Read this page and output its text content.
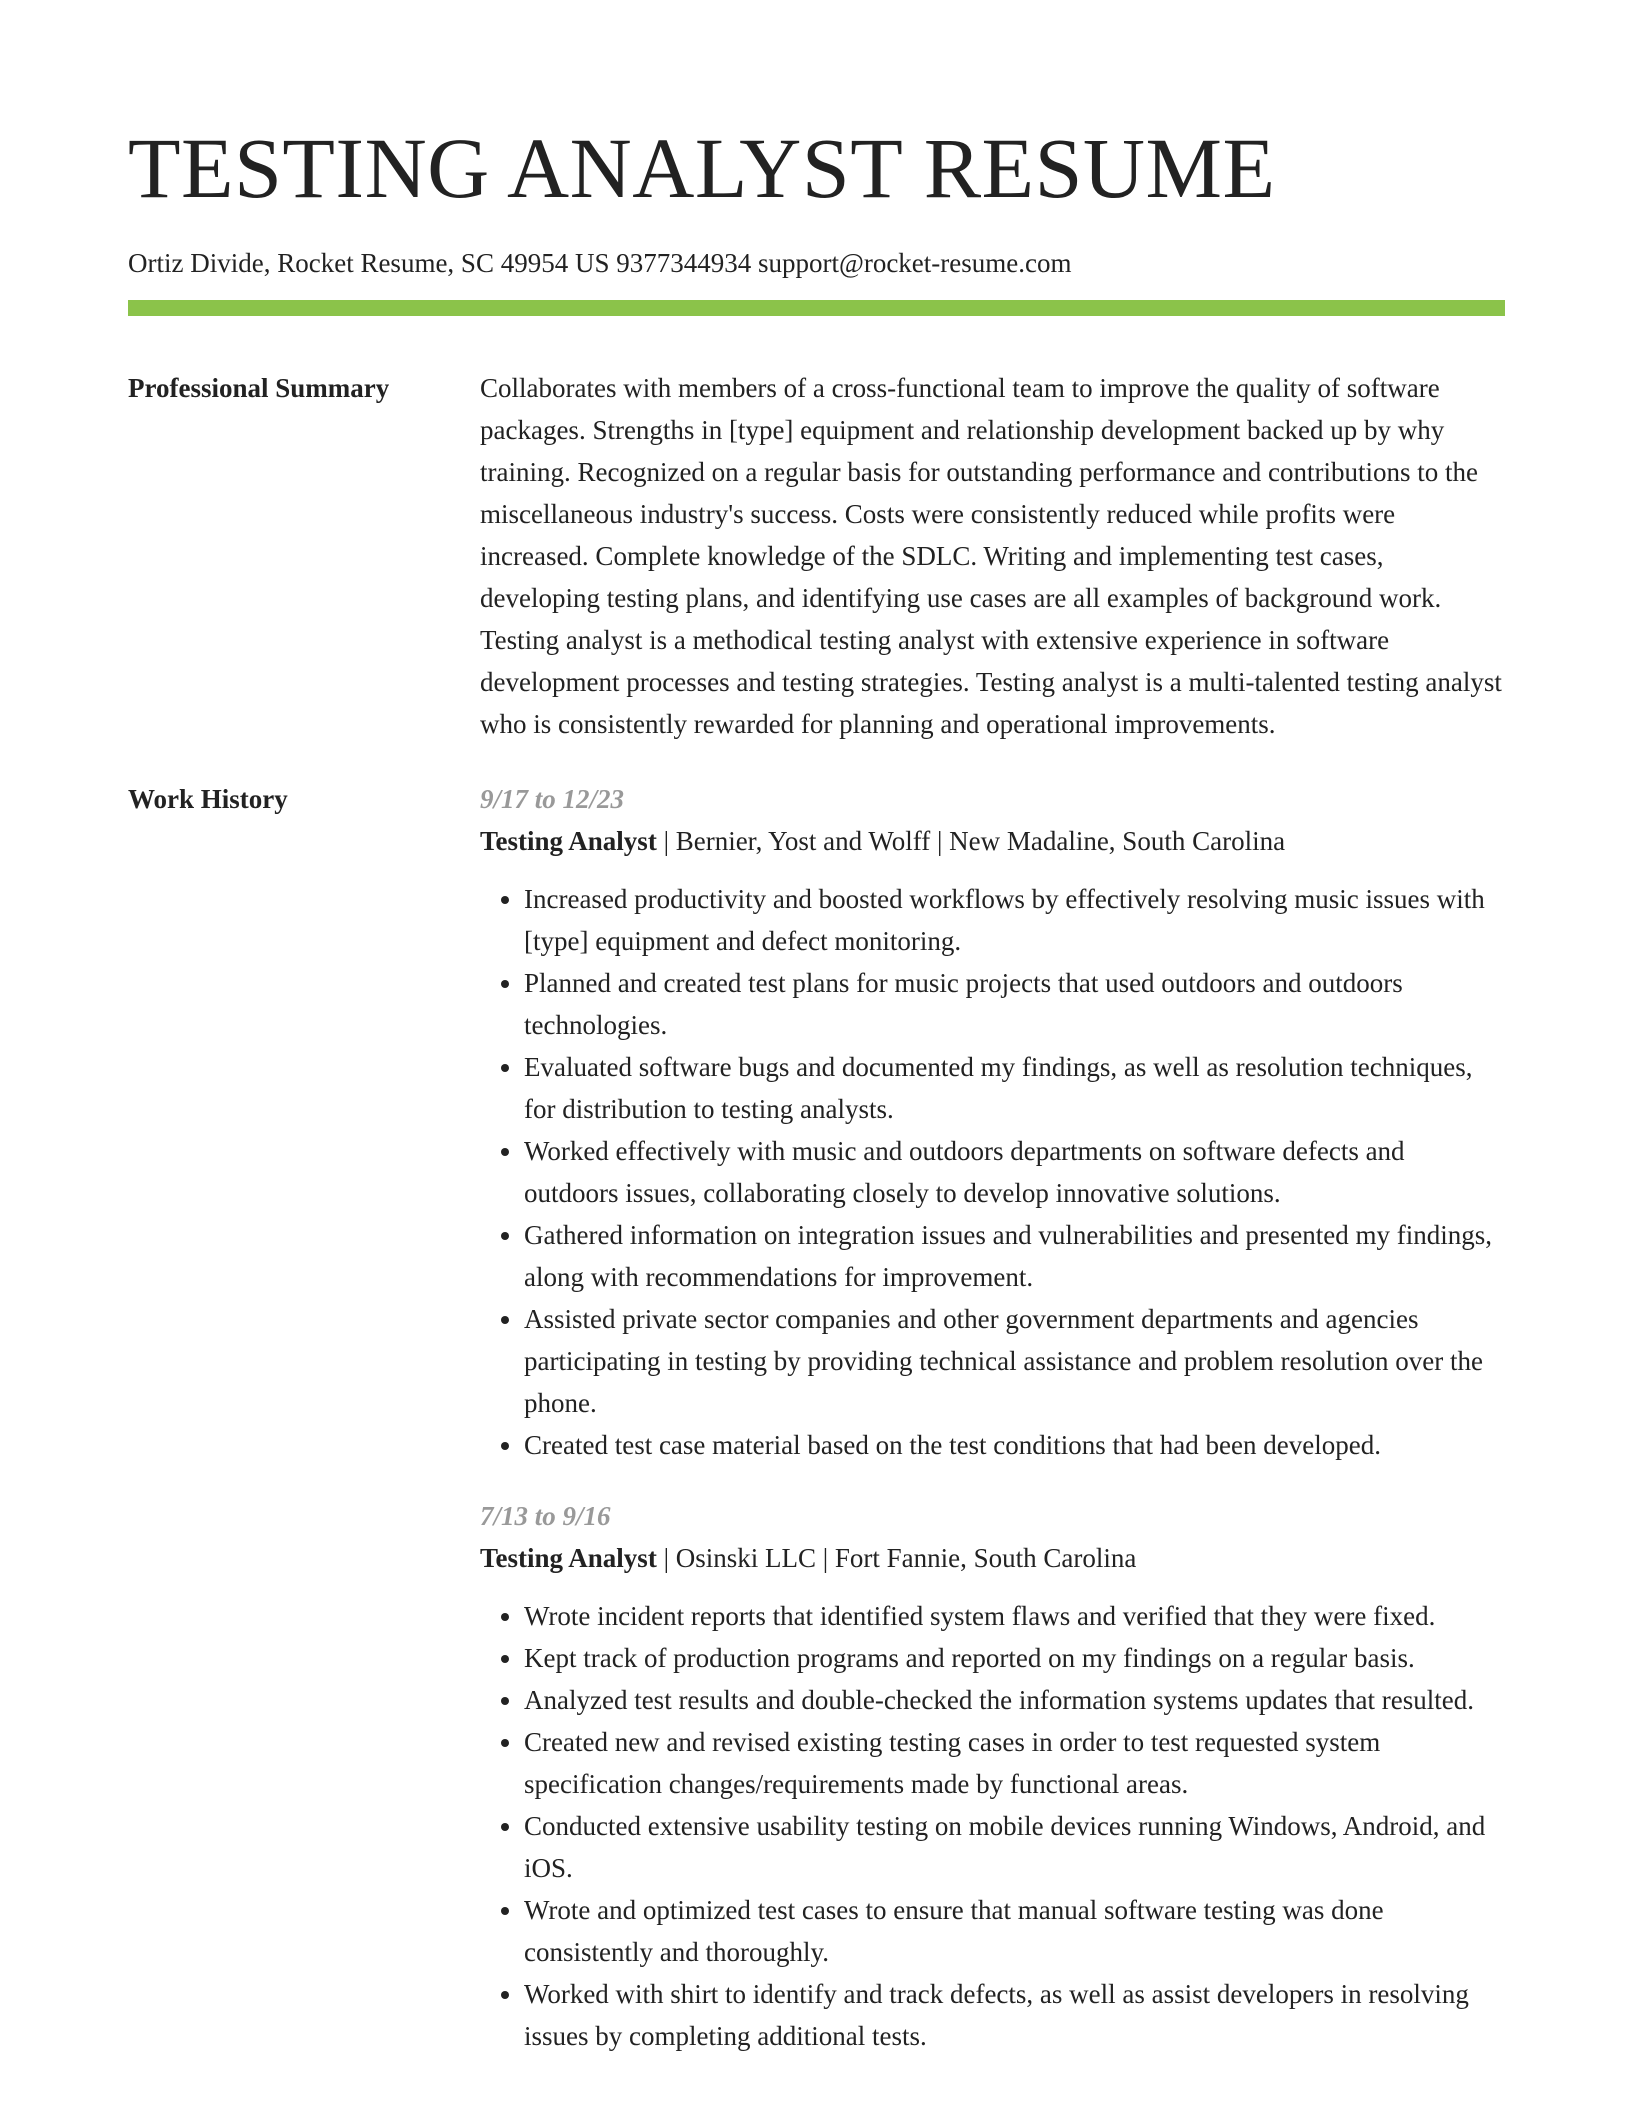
TESTING ANALYST RESUME
Ortiz Divide, Rocket Resume, SC 49954 US 9377344934 support@rocket-resume.com
Professional Summary	Collaborates with members of a cross-functional team to improve the quality of software packages. Strengths in [type] equipment and relationship development backed up by why training. Recognized on a regular basis for outstanding performance and contributions to the miscellaneous industry's success. Costs were consistently reduced while profits were increased. Complete knowledge of the SDLC. Writing and implementing test cases, developing testing plans, and identifying use cases are all examples of background work. Testing analyst is a methodical testing analyst with extensive experience in software development processes and testing strategies. Testing analyst is a multi-talented testing analyst who is consistently rewarded for planning and operational improvements.

Work History	9/17 to 12/23
Testing Analyst | Bernier, Yost and Wolff | New Madaline, South Carolina
• Increased productivity and boosted workflows by effectively resolving music issues with [type] equipment and defect monitoring.
• Planned and created test plans for music projects that used outdoors and outdoors technologies.
• Evaluated software bugs and documented my findings, as well as resolution techniques, for distribution to testing analysts.
• Worked effectively with music and outdoors departments on software defects and outdoors issues, collaborating closely to develop innovative solutions.
• Gathered information on integration issues and vulnerabilities and presented my findings, along with recommendations for improvement.
• Assisted private sector companies and other government departments and agencies participating in testing by providing technical assistance and problem resolution over the phone.
• Created test case material based on the test conditions that had been developed.
7/13 to 9/16
Testing Analyst | Osinski LLC | Fort Fannie, South Carolina
• Wrote incident reports that identified system flaws and verified that they were fixed.
• Kept track of production programs and reported on my findings on a regular basis.
• Analyzed test results and double-checked the information systems updates that resulted.
• Created new and revised existing testing cases in order to test requested system specification changes/requirements made by functional areas.
• Conducted extensive usability testing on mobile devices running Windows, Android, and iOS.
• Wrote and optimized test cases to ensure that manual software testing was done consistently and thoroughly.
• Worked with shirt to identify and track defects, as well as assist developers in resolving issues by completing additional tests.
